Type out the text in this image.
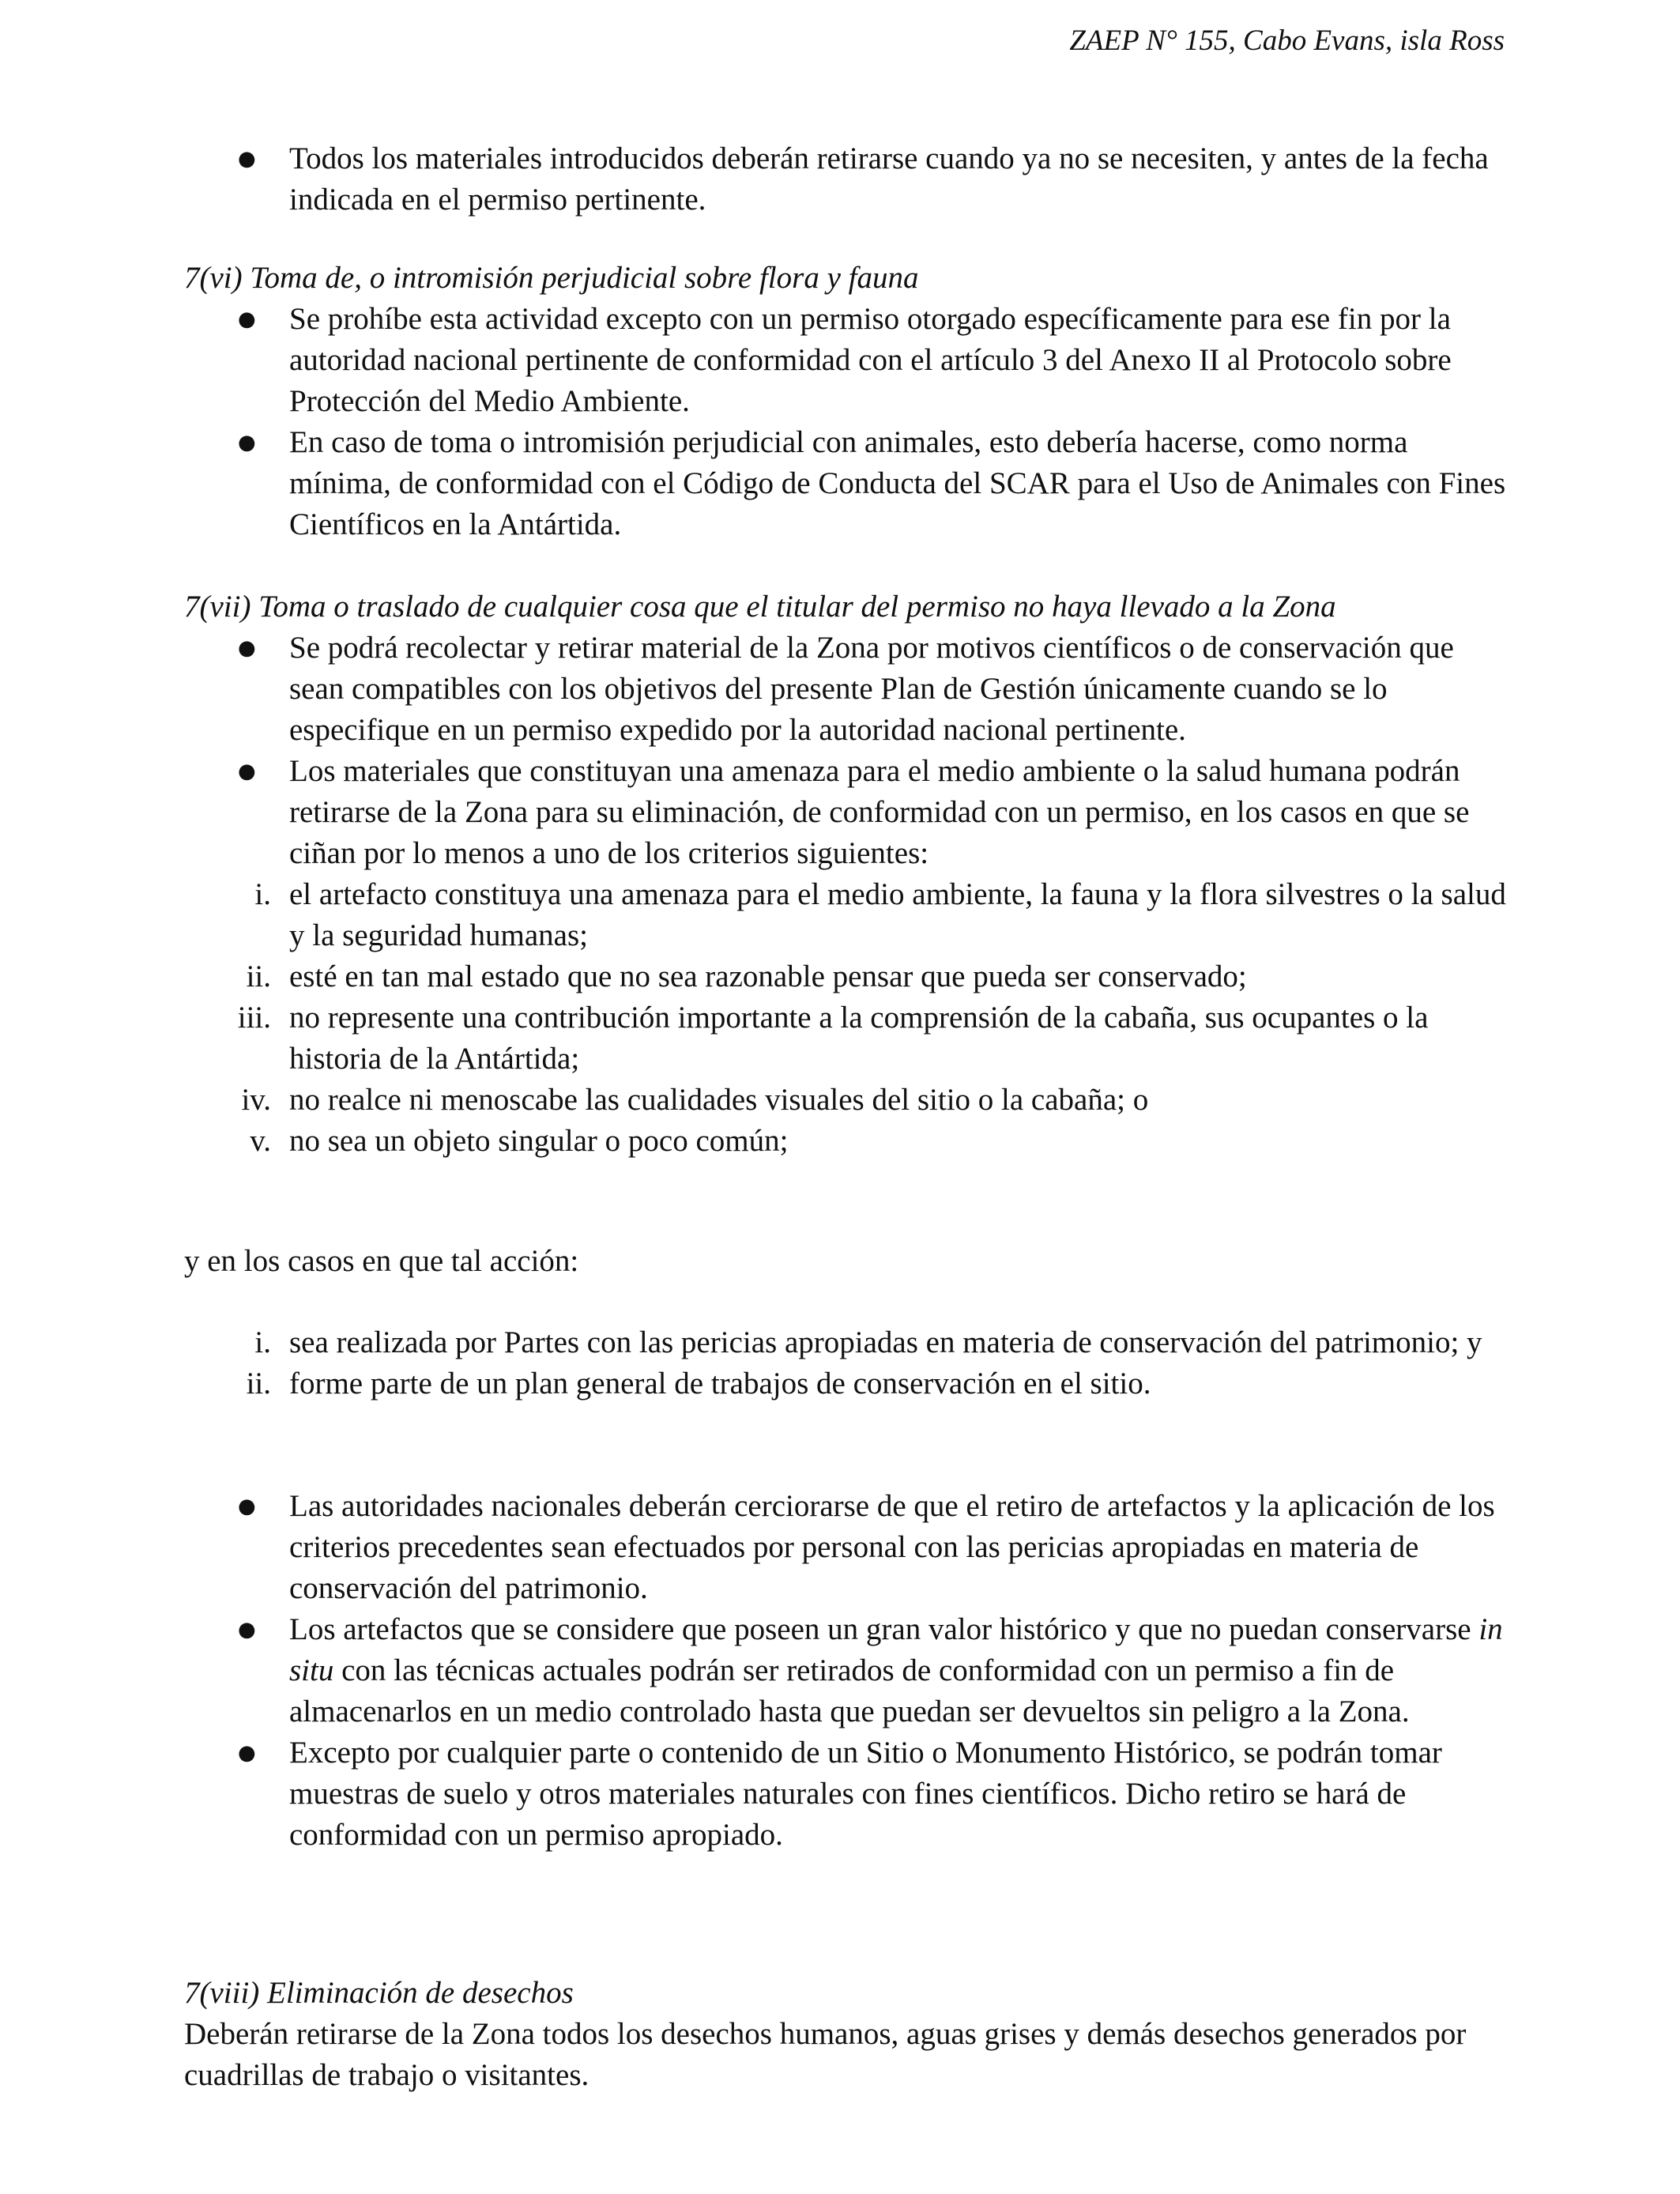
ZAEP N° 155, Cabo Evans, isla Ross
● Todos los materiales introducidos deberán retirarse cuando ya no se necesiten, y antes de la fecha indicada en el permiso pertinente.

7(vi) Toma de, o intromisión perjudicial sobre flora y fauna

● Se prohíbe esta actividad excepto con un permiso otorgado específicamente para ese fin por la autoridad nacional pertinente de conformidad con el artículo 3 del Anexo II al Protocolo sobre Protección del Medio Ambiente.
● En caso de toma o intromisión perjudicial con animales, esto debería hacerse, como norma mínima, de conformidad con el Código de Conducta del SCAR para el Uso de Animales con Fines Científicos en la Antártida.

7(vii) Toma o traslado de cualquier cosa que el titular del permiso no haya llevado a la Zona

● Se podrá recolectar y retirar material de la Zona por motivos científicos o de conservación que sean compatibles con los objetivos del presente Plan de Gestión únicamente cuando se lo especifique en un permiso expedido por la autoridad nacional pertinente.
● Los materiales que constituyan una amenaza para el medio ambiente o la salud humana podrán retirarse de la Zona para su eliminación, de conformidad con un permiso, en los casos en que se ciñan por lo menos a uno de los criterios siguientes:
i. el artefacto constituya una amenaza para el medio ambiente, la fauna y la flora silvestres o la salud y la seguridad humanas;
ii. esté en tan mal estado que no sea razonable pensar que pueda ser conservado;
iii. no represente una contribución importante a la comprensión de la cabaña, sus ocupantes o la historia de la Antártida;
iv. no realce ni menoscabe las cualidades visuales del sitio o la cabaña; o
v. no sea un objeto singular o poco común;

y en los casos en que tal acción:

i. sea realizada por Partes con las pericias apropiadas en materia de conservación del patrimonio; y
ii. forme parte de un plan general de trabajos de conservación en el sitio.
● Las autoridades nacionales deberán cerciorarse de que el retiro de artefactos y la aplicación de los criterios precedentes sean efectuados por personal con las pericias apropiadas en materia de conservación del patrimonio.
● Los artefactos que se considere que poseen un gran valor histórico y que no puedan conservarse in situ con las técnicas actuales podrán ser retirados de conformidad con un permiso a fin de almacenarlos en un medio controlado hasta que puedan ser devueltos sin peligro a la Zona.
● Excepto por cualquier parte o contenido de un Sitio o Monumento Histórico, se podrán tomar muestras de suelo y otros materiales naturales con fines científicos. Dicho retiro se hará de conformidad con un permiso apropiado.

7(viii) Eliminación de desechos

Deberán retirarse de la Zona todos los desechos humanos, aguas grises y demás desechos generados por cuadrillas de trabajo o visitantes.
